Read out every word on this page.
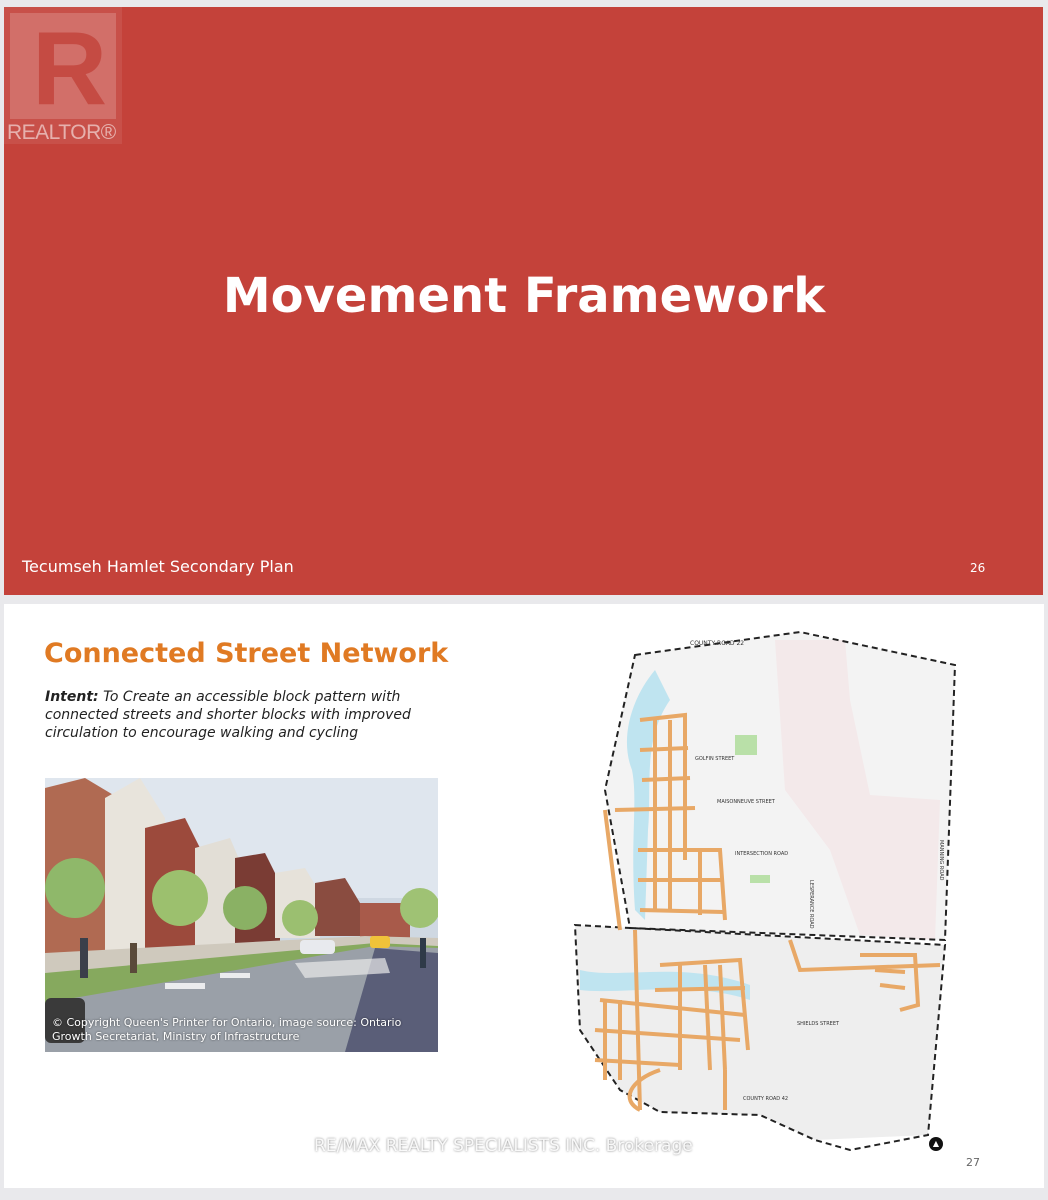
R
REALTOR®
Movement Framework
Tecumseh Hamlet Secondary Plan	26
Connected Street Network
Intent: To Create an accessible block pattern with connected streets and shorter blocks with improved circulation to encourage walking and cycling
© Copyright Queen's Printer for Ontario, image source: Ontario Growth Secretariat, Ministry of Infrastructure
COUNTY ROAD 22
GOLFIN STREET
MAISONNEUVE STREET
INTERSECTION ROAD
LESPERANCE ROAD
MANNING ROAD
SHIELDS STREET
COUNTY ROAD 42
▲
RE/MAX REALTY SPECIALISTS INC. Brokerage
27
